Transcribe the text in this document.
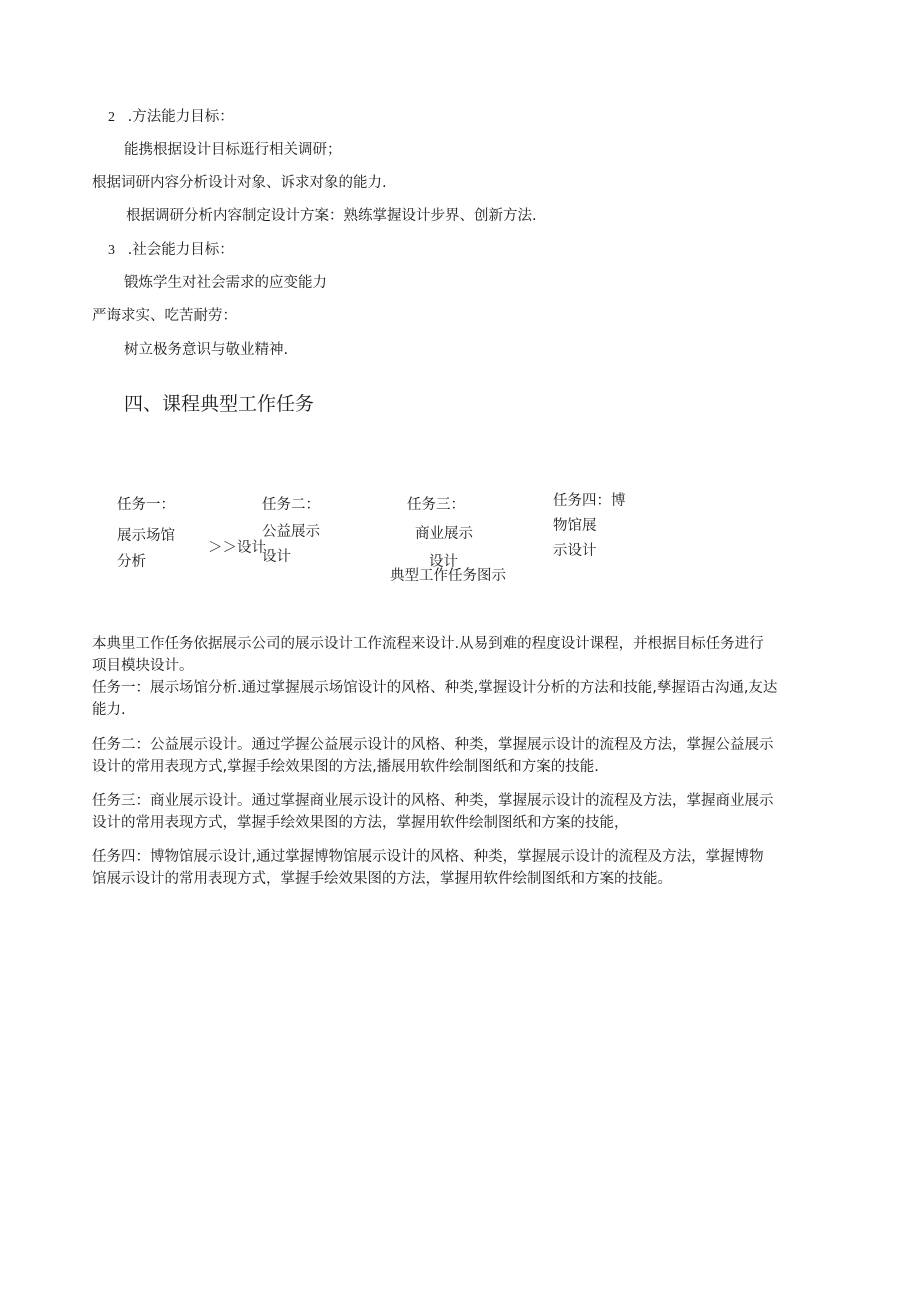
2 .方法能力目标：
能携根据设计目标逛行相关调研；
根据词研内容分析设计对象、诉求对象的能力.
根据调研分析内容制定设计方案：熟练掌握设计步界、创新方法.
3 .社会能力目标：
锻炼学生对社会需求的应变能力
严诲求实、吃苦耐劳：
树立极务意识与敬业精神.
四、课程典型工作任务
任务一：
展示场馆
分析
＞＞设计
任务二：
公益展示
设计
任务三：
商业展示
设计
任务四：博
物馆展
示设计
典型工作任务图示
本典里工作任务依据展示公司的展示设计工作流程来设计.从易到难的程度设计课程，并根据目标任务进行
项目模块设计。
任务一：展示场馆分析.通过掌握展示场馆设计的风格、种类,掌握设计分析的方法和技能,孳握语古沟通,友达
能力.
任务二：公益展示设计。通过学握公益展示设计的风格、种类，掌握展示设计的流程及方法，掌握公益展示
设计的常用表现方式,掌握手绘效果图的方法,播展用软件绘制图纸和方案的技能.
任务三：商业展示设计。通过掌握商业展示设计的风格、种类，掌握展示设计的流程及方法，掌握商业展示
设计的常用表现方式，掌握手绘效果图的方法，掌握用软件绘制图纸和方案的技能，
任务四：博物馆展示设计,通过掌握博物馆展示设计的风格、种类，掌握展示设计的流程及方法，掌握博物
馆展示设计的常用表现方式，掌握手绘效果图的方法，掌握用软件绘制图纸和方案的技能。
